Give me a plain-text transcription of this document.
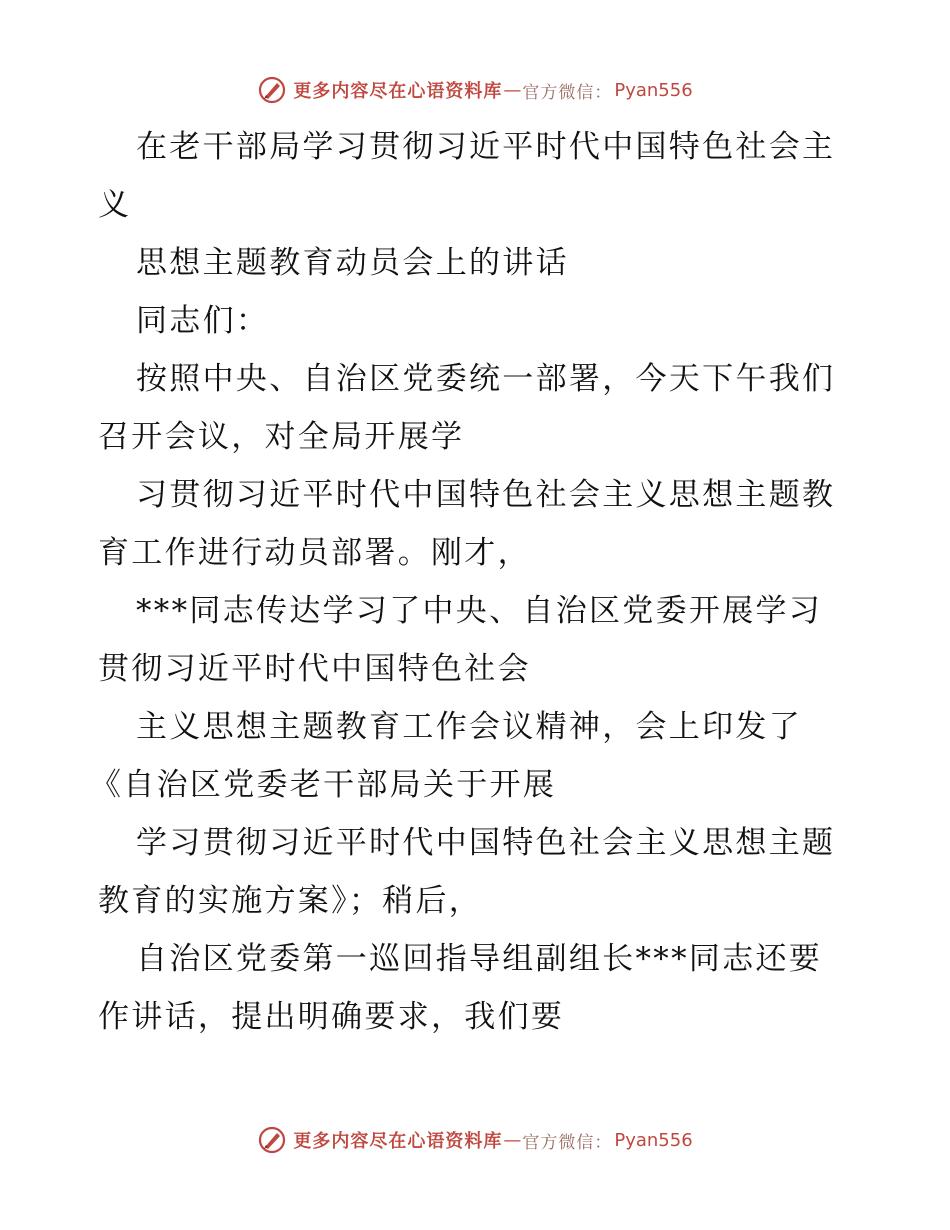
更多内容尽在心语资料库 — 官方微信： Pyan556
在老干部局学习贯彻习近平时代中国特色社会主
义
思想主题教育动员会上的讲话
同志们：
按照中央、自治区党委统一部署，今天下午我们
召开会议，对全局开展学
习贯彻习近平时代中国特色社会主义思想主题教
育工作进行动员部署。刚才，
***同志传达学习了中央、自治区党委开展学习
贯彻习近平时代中国特色社会
主义思想主题教育工作会议精神，会上印发了
《自治区党委老干部局关于开展
学习贯彻习近平时代中国特色社会主义思想主题
教育的实施方案》；稍后，
自治区党委第一巡回指导组副组长***同志还要
作讲话，提出明确要求，我们要
更多内容尽在心语资料库 — 官方微信： Pyan556
